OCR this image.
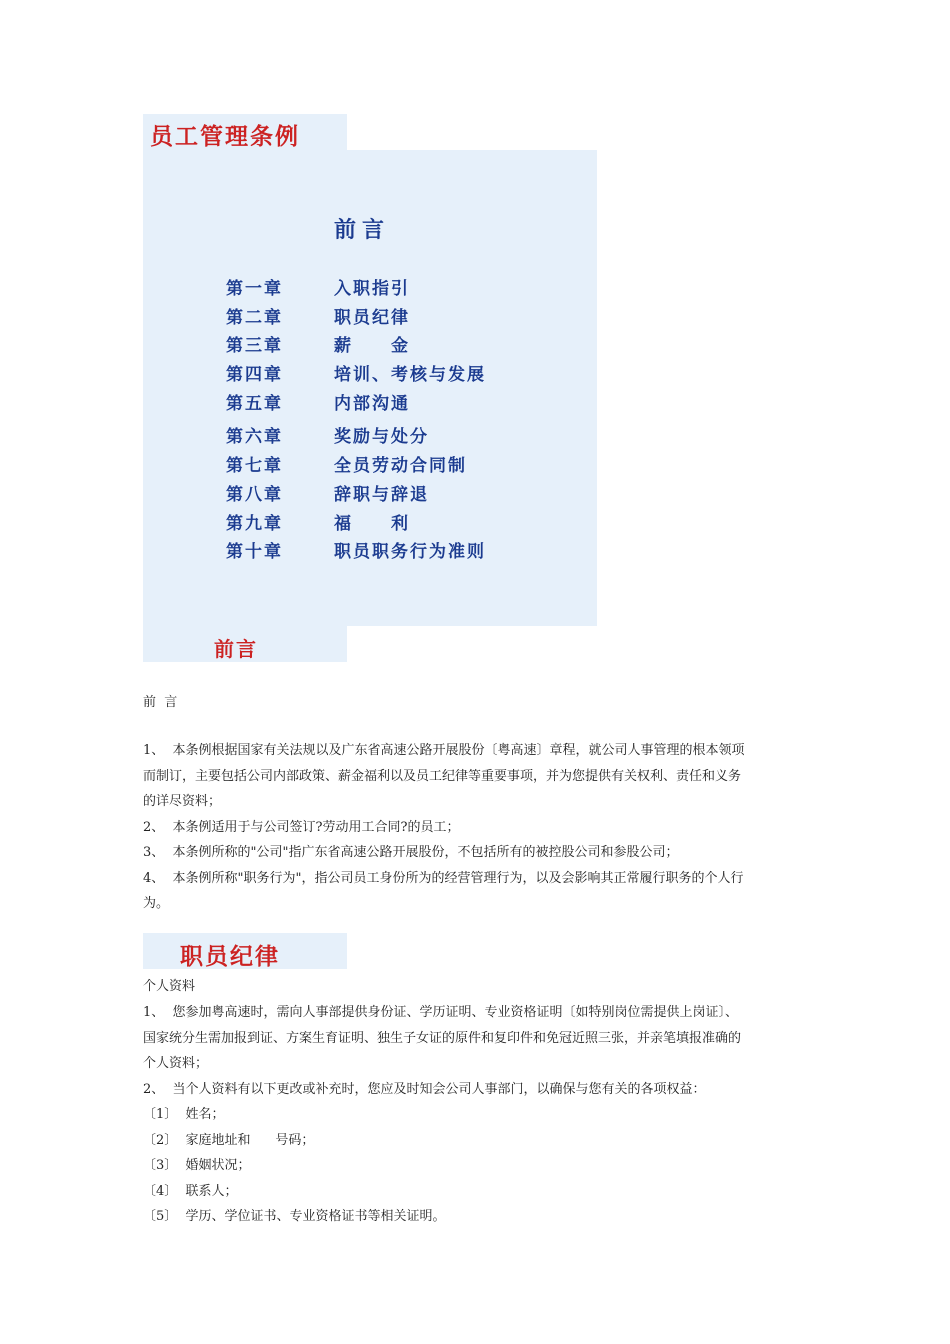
员工管理条例
前言
第一章	入职指引
第二章	职员纪律
第三章	薪　　金
第四章	培训、考核与发展
第五章	内部沟通
第六章	奖励与处分
第七章	全员劳动合同制
第八章	辞职与辞退
第九章	福　　利
第十章	职员职务行为准则
前言
前  言
1、  本条例根据国家有关法规以及广东省高速公路开展股份〔粤高速〕章程，就公司人事管理的根本领项
而制订，主要包括公司内部政策、薪金福利以及员工纪律等重要事项，并为您提供有关权利、责任和义务
的详尽资料；
2、  本条例适用于与公司签订?劳动用工合同?的员工；
3、  本条例所称的"公司"指广东省高速公路开展股份，不包括所有的被控股公司和参股公司；
4、  本条例所称"职务行为"，指公司员工身份所为的经营管理行为，以及会影响其正常履行职务的个人行
为。
职员纪律
个人资料
1、  您参加粤高速时，需向人事部提供身份证、学历证明、专业资格证明〔如特别岗位需提供上岗证〕、
国家统分生需加报到证、方案生育证明、独生子女证的原件和复印件和免冠近照三张，并亲笔填报准确的
个人资料；
2、  当个人资料有以下更改或补充时，您应及时知会公司人事部门，以确保与您有关的各项权益：
〔1〕  姓名；
〔2〕  家庭地址和      号码；
〔3〕  婚姻状况；
〔4〕  联系人；
〔5〕  学历、学位证书、专业资格证书等相关证明。
